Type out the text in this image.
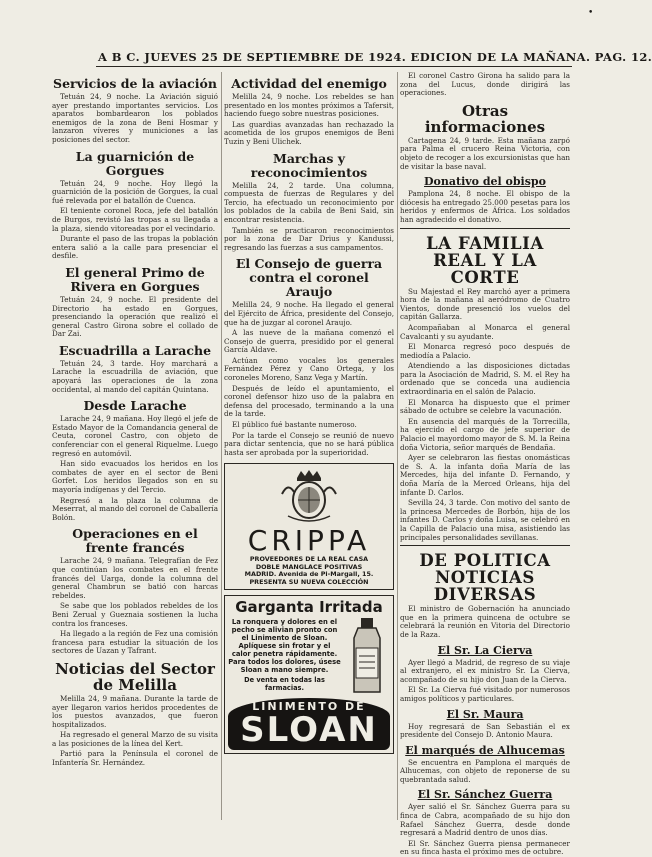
•
A B C. JUEVES 25 DE SEPTIEMBRE DE 1924. EDICION DE LA MAÑANA. PAG. 12.
Servicios de la aviación

Tetuán 24, 9 noche. La Aviación siguió ayer prestando importantes servicios. Los aparatos bombardearon los poblados enemigos de la zona de Beni Hosmar y lanzaron víveres y municiones a las posiciones del sector.

La guarnición de Gorgues

Tetuán 24, 9 noche. Hoy llegó la guarnición de la posición de Gorgues, la cual fué relevada por el batallón de Cuenca.

El teniente coronel Roca, jefe del batallón de Burgos, revistó las tropas a su llegada a la plaza, siendo vitoreadas por el vecindario.

Durante el paso de las tropas la población entera salió a la calle para presenciar el desfile.

El general Primo de Rivera en Gorgues

Tetuán 24, 9 noche. El presidente del Directorio ha estado en Gorgues, presenciando la operación que realizó el general Castro Girona sobre el collado de Dar Zai.

Escuadrilla a Larache

Tetuán 24, 3 tarde. Hoy marchará a Larache la escuadrilla de aviación, que apoyará las operaciones de la zona occidental, al mando del capitán Quintana.

Desde Larache

Larache 24, 9 mañana. Hoy llegó el jefe de Estado Mayor de la Comandancia general de Ceuta, coronel Castro, con objeto de conferenciar con el general Riquelme. Luego regresó en automóvil.

Han sido evacuados los heridos en los combates de ayer en el sector de Beni Gorfet. Los heridos llegados son en su mayoría indígenas y del Tercio.

Regresó a la plaza la columna de Meserrat, al mando del coronel de Caballería Bolón.

Operaciones en el frente francés

Larache 24, 9 mañana. Telegrafían de Fez que continúan los combates en el frente francés del Uarga, donde la columna del general Chambrun se batió con harcas rebeldes.

Se sabe que los poblados rebeldes de los Beni Zerual y Gueznaia sostienen la lucha contra los franceses.

Ha llegado a la región de Fez una comisión francesa para estudiar la situación de los sectores de Uazan y Tafrant.

Noticias del Sector de Melilla

Melilla 24, 9 mañana. Durante la tarde de ayer llegaron varios heridos procedentes de los puestos avanzados, que fueron hospitalizados.

Ha regresado el general Marzo de su visita a las posiciones de la línea del Kert.

Partió para la Península el coronel de Infantería Sr. Hernández.

Actividad del enemigo

Melilla 24, 9 noche. Los rebeldes se han presentado en los montes próximos a Tafersit, haciendo fuego sobre nuestras posiciones.

Las guardias avanzadas han rechazado la acometida de los grupos enemigos de Beni Tuzin y Beni Ulichek.

Marchas y reconocimientos

Melilla 24, 2 tarde. Una columna, compuesta de fuerzas de Regulares y del Tercio, ha efectuado un reconocimiento por los poblados de la cabila de Beni Said, sin encontrar resistencia.

También se practicaron reconocimientos por la zona de Dar Drius y Kandussi, regresando las fuerzas a sus campamentos.

El Consejo de guerra contra el coronel Araujo

Melilla 24, 9 noche. Ha llegado el general del Ejército de África, presidente del Consejo, que ha de juzgar al coronel Araujo.

A las nueve de la mañana comenzó el Consejo de guerra, presidido por el general García Aldave.

Actúan como vocales los generales Fernández Pérez y Cano Ortega, y los coroneles Moreno, Sanz Vega y Martín.

Después de leído el apuntamiento, el coronel defensor hizo uso de la palabra en defensa del procesado, terminando a la una de la tarde.

El público fué bastante numeroso.

Por la tarde el Consejo se reunió de nuevo para dictar sentencia, que no se hará pública hasta ser aprobada por la superioridad.

CRIPPA
PROVEEDORES DE LA REAL CASA
DOBLE MANGLACE POSITIVAS
MADRID. Avenida de Pi-Margall, 15.
PRESENTA SU NUEVA COLECCIÓN
Garganta Irritada
La ronquera y dolores en el pecho se alivian pronto con el Linimento de Sloan. Aplíquese sin frotar y el calor penetra rápidamente. Para todos los dolores, úsese Sloan a mano siempre.
De venta en todas las farmacias.
LINIMENTO DE
SLOAN

El coronel Castro Girona ha salido para la zona del Lucus, donde dirigirá las operaciones.

Otras informaciones

Cartagena 24, 9 tarde. Esta mañana zarpó para Palma el crucero Reina Victoria, con objeto de recoger a los excursionistas que han de visitar la base naval.

Donativo del obispo

Pamplona 24, 8 noche. El obispo de la diócesis ha entregado 25.000 pesetas para los heridos y enfermos de África. Los soldados han agradecido el donativo.

LA FAMILIA REAL Y LA CORTE

Su Majestad el Rey marchó ayer a primera hora de la mañana al aeródromo de Cuatro Vientos, donde presenció los vuelos del capitán Gallarza.

Acompañaban al Monarca el general Cavalcanti y su ayudante.

El Monarca regresó poco después de mediodía a Palacio.

Atendiendo a las disposiciones dictadas para la Asociación de Madrid, S. M. el Rey ha ordenado que se conceda una audiencia extraordinaria en el salón de Palacio.

El Monarca ha dispuesto que el primer sábado de octubre se celebre la vacunación.

En ausencia del marqués de la Torrecilla, ha ejercido el cargo de jefe superior de Palacio el mayordomo mayor de S. M. la Reina doña Victoria, señor marqués de Bendaña.

Ayer se celebraron las fiestas onomásticas de S. A. la infanta doña María de las Mercedes, hija del infante D. Fernando, y doña María de la Merced Orleans, hija del infante D. Carlos.

Sevilla 24, 3 tarde. Con motivo del santo de la princesa Mercedes de Borbón, hija de los infantes D. Carlos y doña Luisa, se celebró en la Capilla de Palacio una misa, asistiendo las principales personalidades sevillanas.

DE POLITICA NOTICIAS DIVERSAS

El ministro de Gobernación ha anunciado que en la primera quincena de octubre se celebrará la reunión en Vitoria del Directorio de la Raza.

El Sr. La Cierva

Ayer llegó a Madrid, de regreso de su viaje al extranjero, el ex ministro Sr. La Cierva, acompañado de su hijo don Juan de la Cierva.

El Sr. La Cierva fué visitado por numerosos amigos políticos y particulares.

El Sr. Maura

Hoy regresará de San Sebastián el ex presidente del Consejo D. Antonio Maura.

El marqués de Alhucemas

Se encuentra en Pamplona el marqués de Alhucemas, con objeto de reponerse de su quebrantada salud.

El Sr. Sánchez Guerra

Ayer salió el Sr. Sánchez Guerra para su finca de Cabra, acompañado de su hijo don Rafael Sánchez Guerra, desde donde regresará a Madrid dentro de unos días.

El Sr. Sánchez Guerra piensa permanecer en su finca hasta el próximo mes de octubre.
